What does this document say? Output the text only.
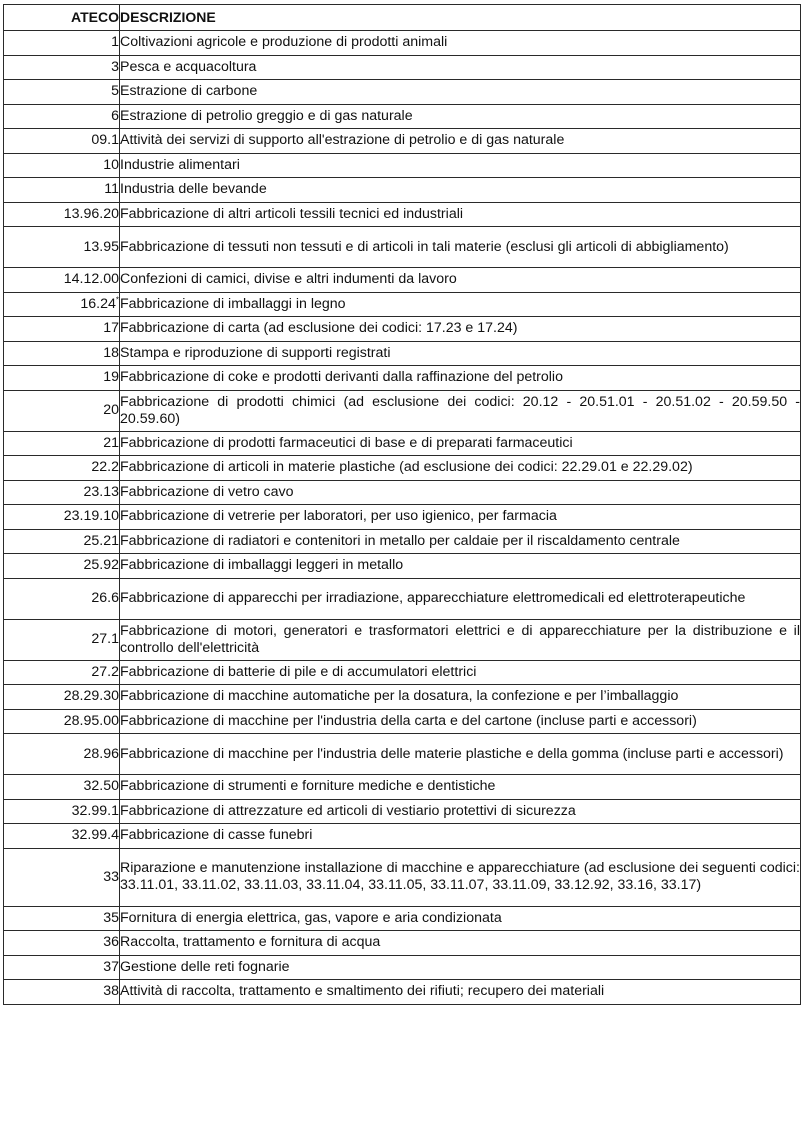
ATECO	DESCRIZIONE
1	Coltivazioni agricole e produzione di prodotti animali
3	Pesca e acquacoltura
5	Estrazione di carbone
6	Estrazione di petrolio greggio e di gas naturale
09.1	Attività dei servizi di supporto all'estrazione di petrolio e di gas naturale
10	Industrie alimentari
11	Industria delle bevande
13.96.20	Fabbricazione di altri articoli tessili tecnici ed industriali
13.95	Fabbricazione di tessuti non tessuti e di articoli in tali materie (esclusi gli articoli di abbigliamento)
14.12.00	Confezioni di camici, divise e altri indumenti da lavoro
16.24*	Fabbricazione di imballaggi in legno
17	Fabbricazione di carta (ad esclusione dei codici: 17.23 e 17.24)
18	Stampa e riproduzione di supporti registrati
19	Fabbricazione di coke e prodotti derivanti dalla raffinazione del petrolio
20	Fabbricazione di prodotti chimici (ad esclusione dei codici: 20.12 - 20.51.01 - 20.51.02 - 20.59.50 - 20.59.60)
21	Fabbricazione di prodotti farmaceutici di base e di preparati farmaceutici
22.2	Fabbricazione di articoli in materie plastiche (ad esclusione dei codici: 22.29.01 e 22.29.02)
23.13	Fabbricazione di vetro cavo
23.19.10	Fabbricazione di vetrerie per laboratori, per uso igienico, per farmacia
25.21	Fabbricazione di radiatori e contenitori in metallo per caldaie per il riscaldamento centrale
25.92	Fabbricazione di imballaggi leggeri in metallo
26.6	Fabbricazione di apparecchi per irradiazione, apparecchiature elettromedicali ed elettroterapeutiche
27.1	Fabbricazione di motori, generatori e trasformatori elettrici e di apparecchiature per la distribuzione e il controllo dell'elettricità
27.2	Fabbricazione di batterie di pile e di accumulatori elettrici
28.29.30	Fabbricazione di macchine automatiche per la dosatura, la confezione e per l’imballaggio
28.95.00	Fabbricazione di macchine per l'industria della carta e del cartone (incluse parti e accessori)
28.96	Fabbricazione di macchine per l'industria delle materie plastiche e della gomma (incluse parti e accessori)
32.50	Fabbricazione di strumenti e forniture mediche e dentistiche
32.99.1	Fabbricazione di attrezzature ed articoli di vestiario protettivi di sicurezza
32.99.4	Fabbricazione di casse funebri
33	Riparazione e manutenzione installazione di macchine e apparecchiature (ad esclusione dei seguenti codici: 33.11.01, 33.11.02, 33.11.03, 33.11.04, 33.11.05, 33.11.07, 33.11.09, 33.12.92, 33.16, 33.17)
35	Fornitura di energia elettrica, gas, vapore e aria condizionata
36	Raccolta, trattamento e fornitura di acqua
37	Gestione delle reti fognarie
38	Attività di raccolta, trattamento e smaltimento dei rifiuti; recupero dei materiali
